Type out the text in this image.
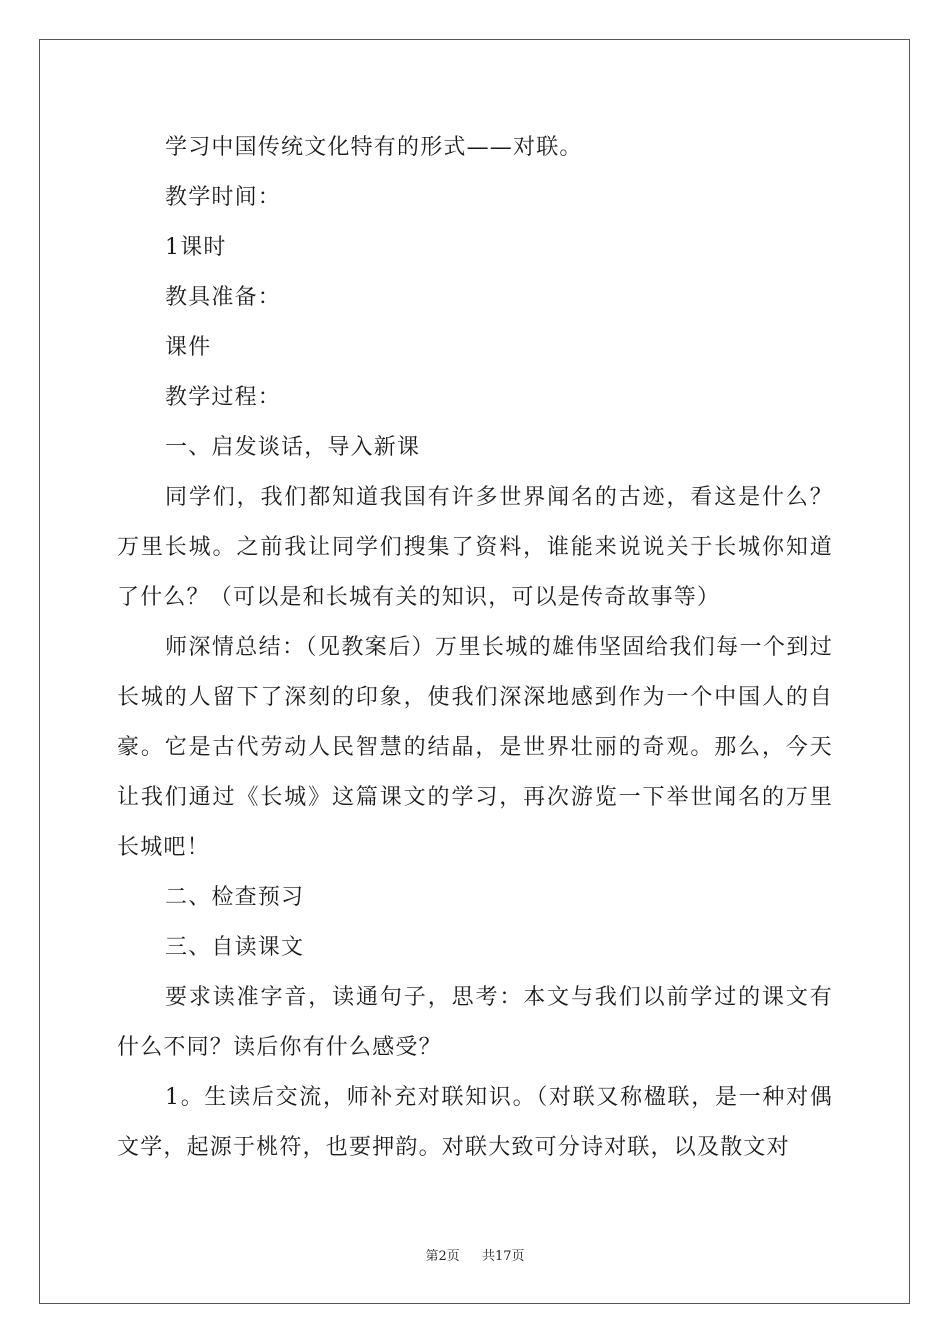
学习中国传统文化特有的形式——对联。

教学时间：

1课时

教具准备：

课件

教学过程：

一、启发谈话，导入新课

同学们，我们都知道我国有许多世界闻名的古迹，看这是什么？万里长城。之前我让同学们搜集了资料，谁能来说说关于长城你知道了什么？（可以是和长城有关的知识，可以是传奇故事等）

师深情总结：（见教案后）万里长城的雄伟坚固给我们每一个到过长城的人留下了深刻的印象，使我们深深地感到作为一个中国人的自豪。它是古代劳动人民智慧的结晶，是世界壮丽的奇观。那么，今天让我们通过《长城》这篇课文的学习，再次游览一下举世闻名的万里长城吧！

二、检查预习

三、自读课文

要求读准字音，读通句子，思考：本文与我们以前学过的课文有什么不同？读后你有什么感受？

1。生读后交流，师补充对联知识。（对联又称楹联，是一种对偶文学，起源于桃符，也要押韵。对联大致可分诗对联，以及散文对

第2页 共17页
